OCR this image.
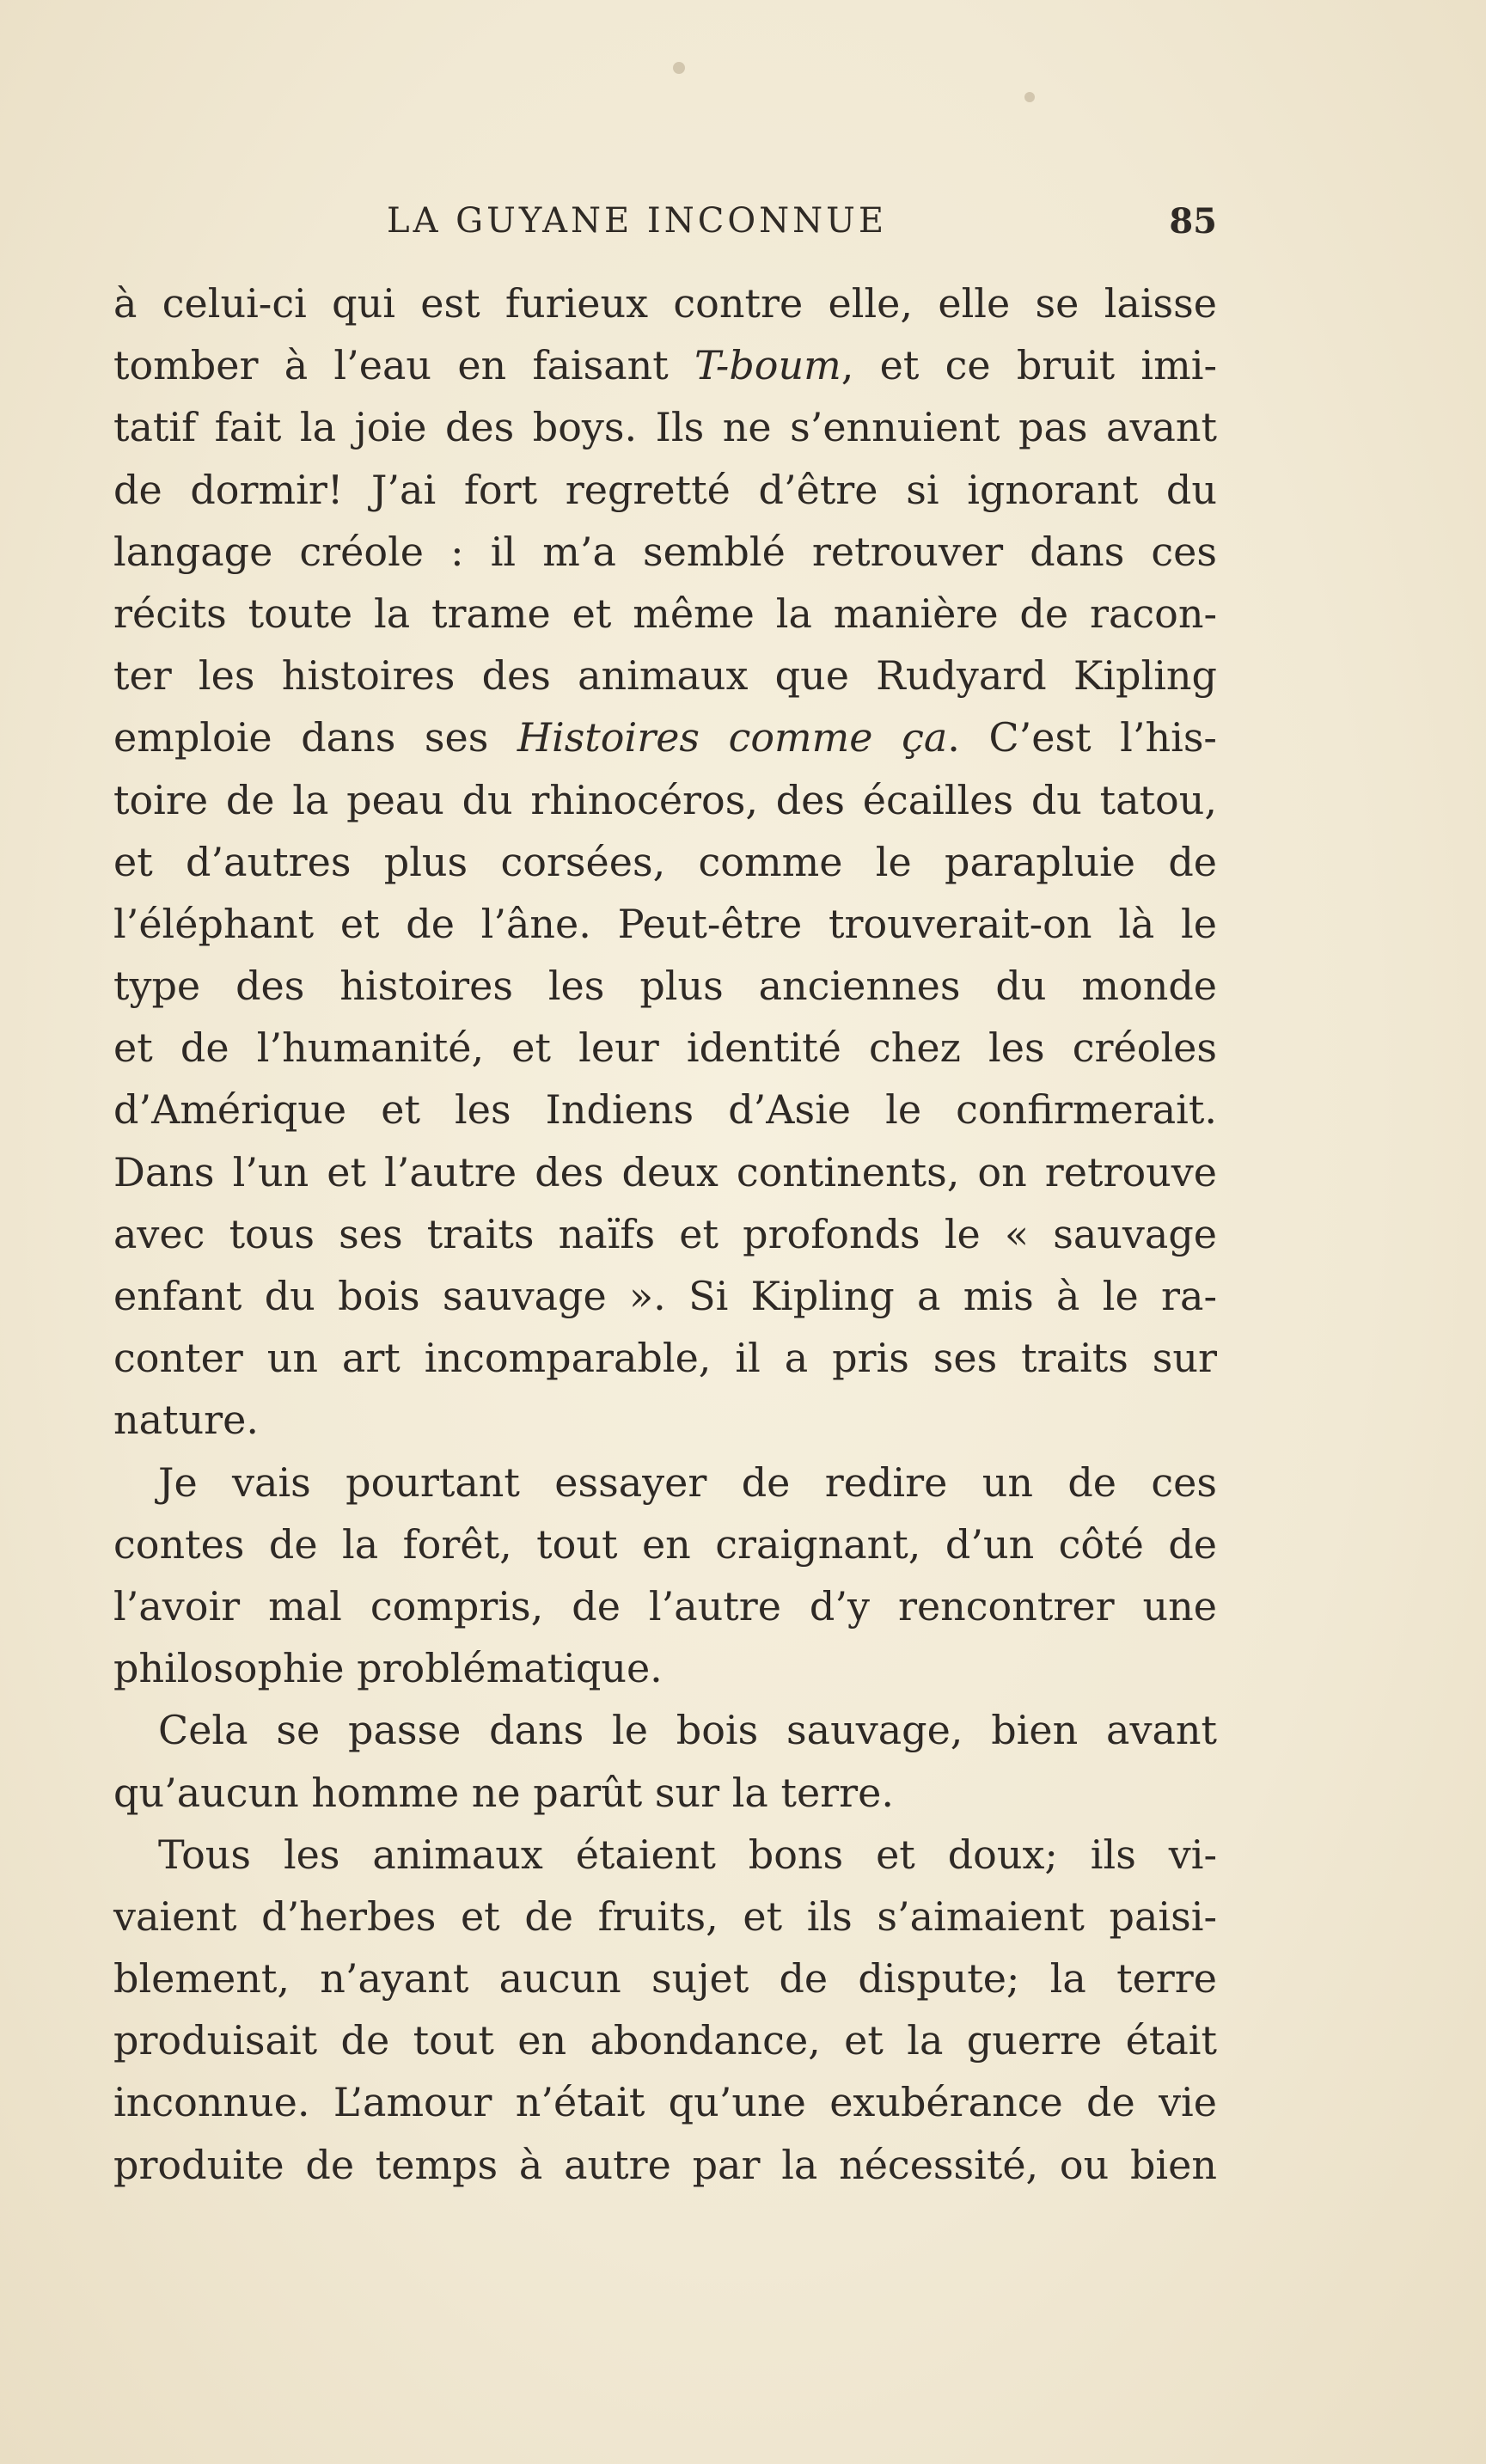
LA GUYANE INCONNUE	85
à celui-ci qui est furieux contre elle, elle se laisse
tomber à l’eau en faisant T-boum, et ce bruit imi-
tatif fait la joie des boys. Ils ne s’ennuient pas avant
de dormir! J’ai fort regretté d’être si ignorant du
langage créole : il m’a semblé retrouver dans ces
récits toute la trame et même la manière de racon-
ter les histoires des animaux que Rudyard Kipling
emploie dans ses Histoires comme ça. C’est l’his-
toire de la peau du rhinocéros, des écailles du tatou,
et d’autres plus corsées, comme le parapluie de
l’éléphant et de l’âne. Peut-être trouverait-on là le
type des histoires les plus anciennes du monde
et de l’humanité, et leur identité chez les créoles
d’Amérique et les Indiens d’Asie le confirmerait.
Dans l’un et l’autre des deux continents, on retrouve
avec tous ses traits naïfs et profonds le « sauvage
enfant du bois sauvage ». Si Kipling a mis à le ra-
conter un art incomparable, il a pris ses traits sur
nature.
Je vais pourtant essayer de redire un de ces
contes de la forêt, tout en craignant, d’un côté de
l’avoir mal compris, de l’autre d’y rencontrer une
philosophie problématique.
Cela se passe dans le bois sauvage, bien avant
qu’aucun homme ne parût sur la terre.
Tous les animaux étaient bons et doux; ils vi-
vaient d’herbes et de fruits, et ils s’aimaient paisi-
blement, n’ayant aucun sujet de dispute; la terre
produisait de tout en abondance, et la guerre était
inconnue. L’amour n’était qu’une exubérance de vie
produite de temps à autre par la nécessité, ou bien
